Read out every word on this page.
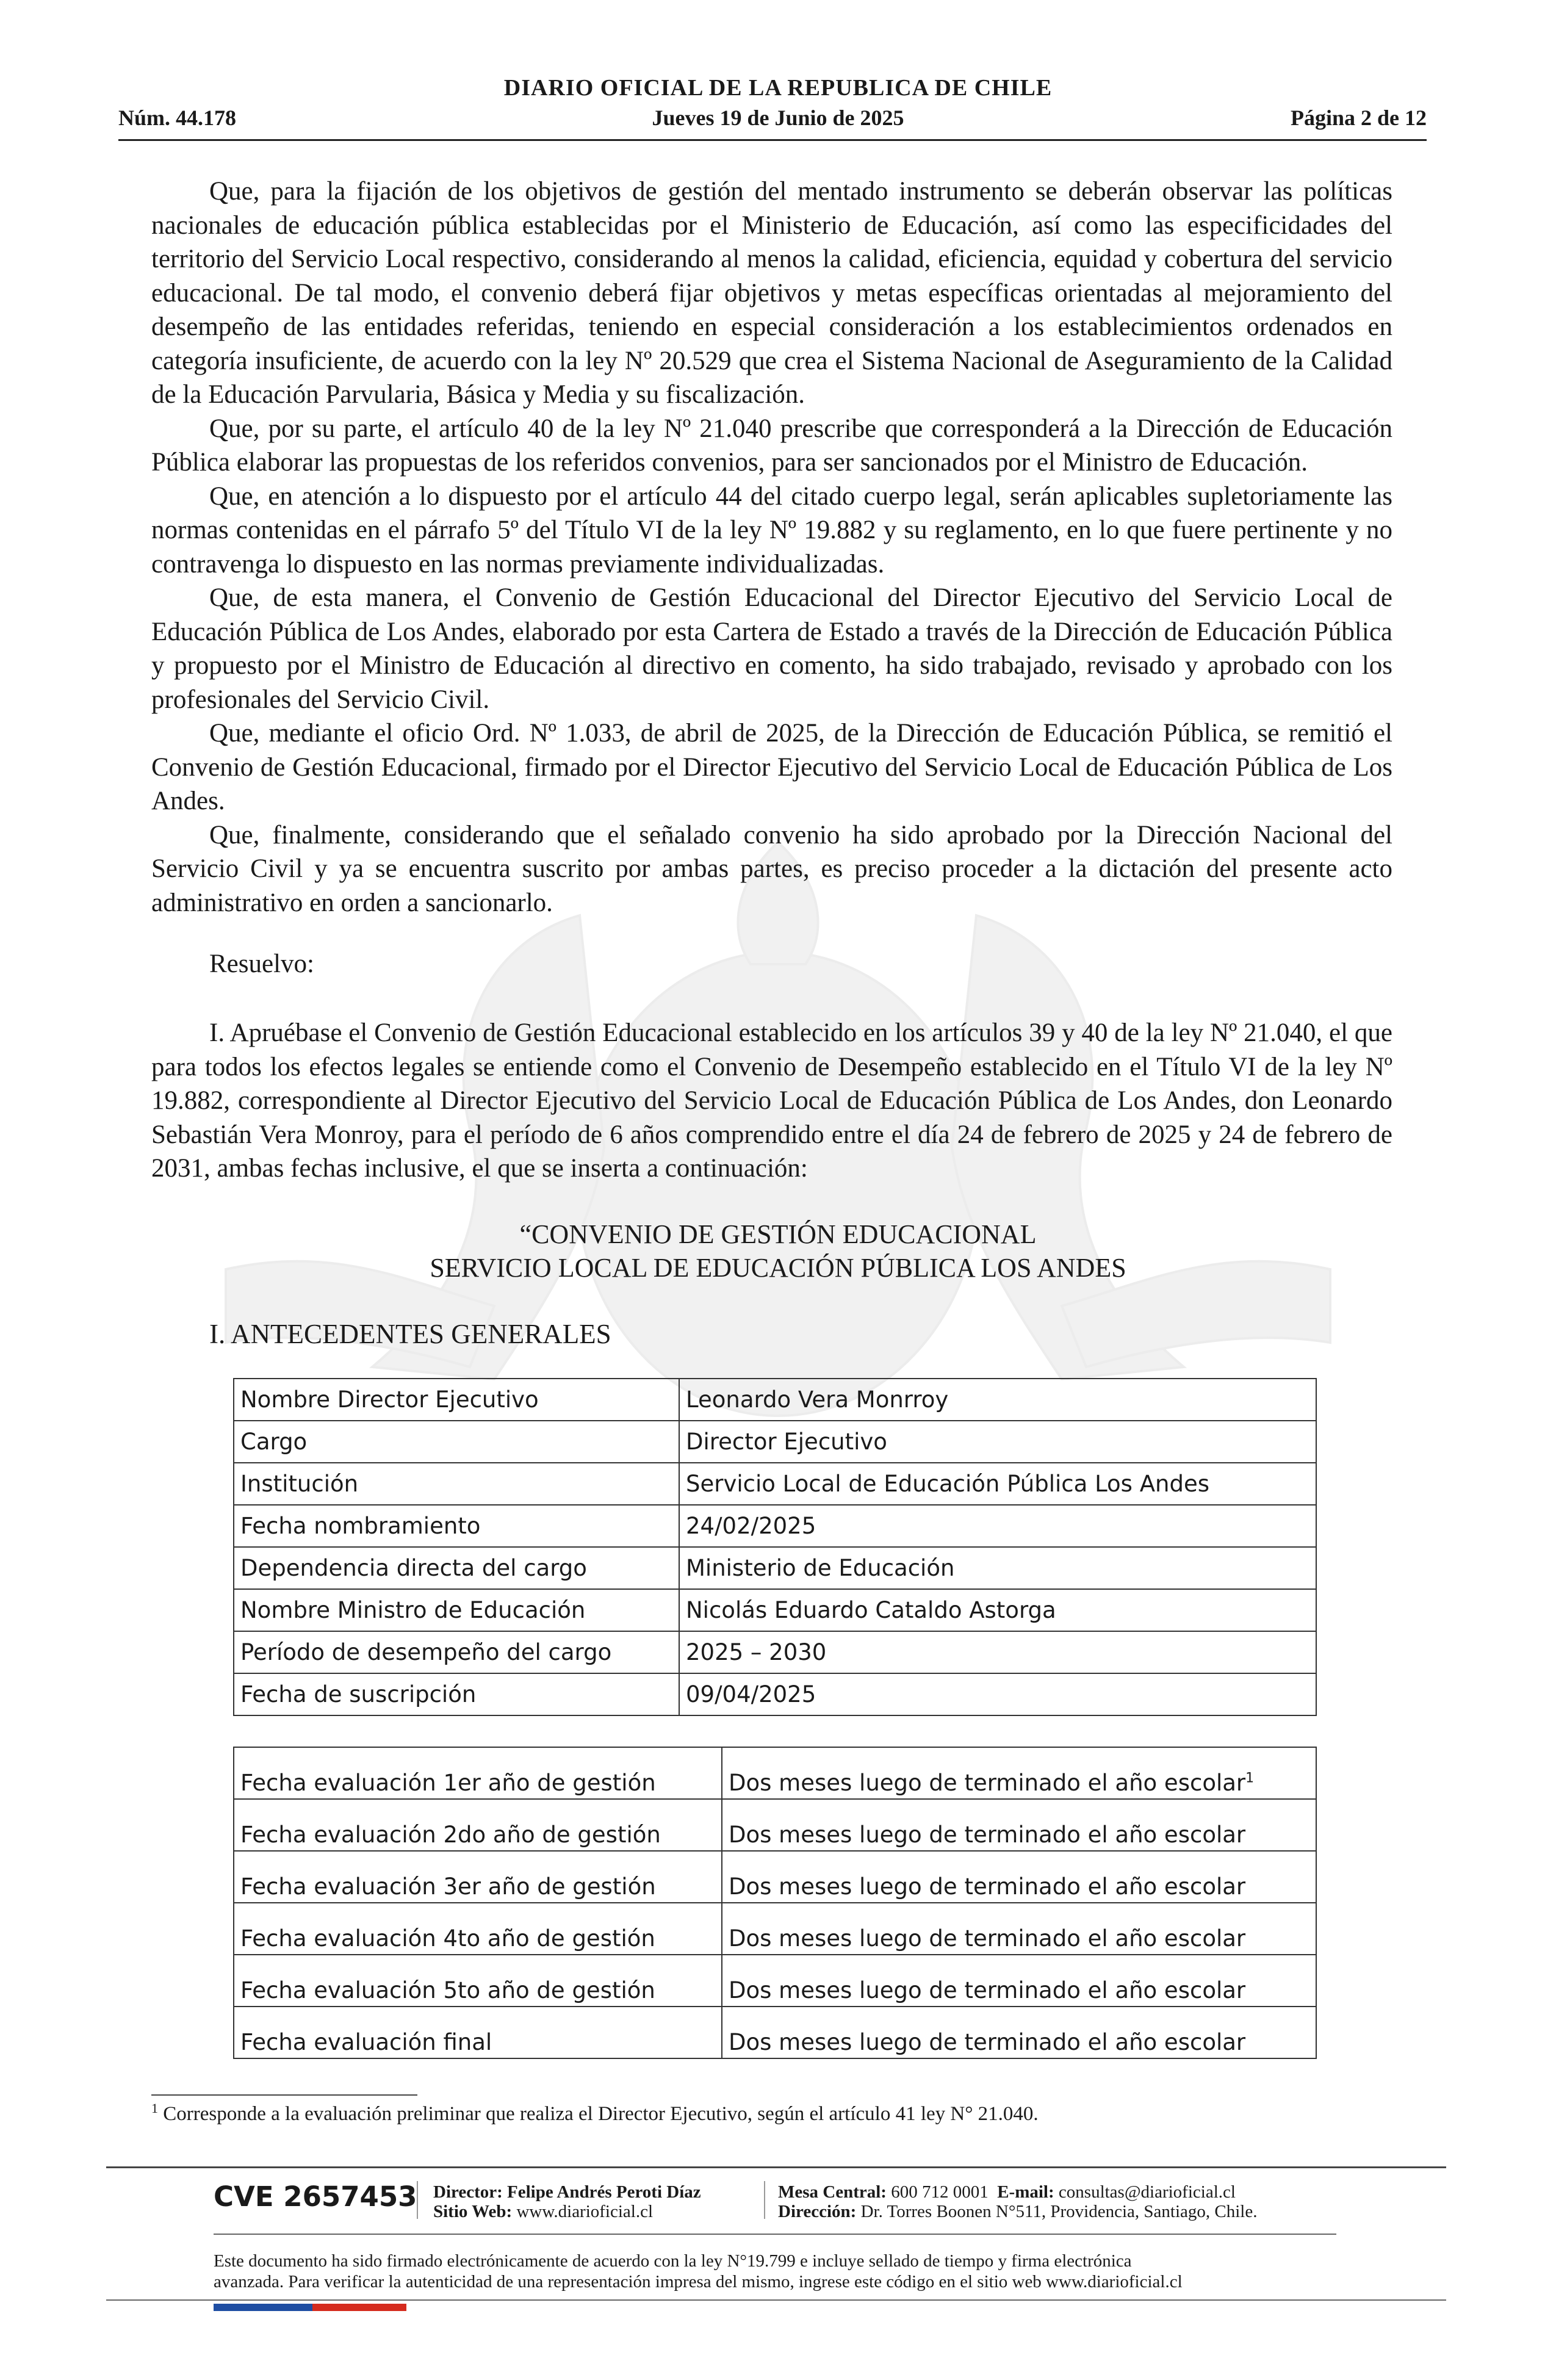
DIARIO OFICIAL DE LA REPUBLICA DE CHILE
Núm. 44.178	Jueves 19 de Junio de 2025	Página 2 de 12

Que, para la fijación de los objetivos de gestión del mentado instrumento se deberán observar las políticas nacionales de educación pública establecidas por el Ministerio de Educación, así como las especificidades del territorio del Servicio Local respectivo, considerando al menos la calidad, eficiencia, equidad y cobertura del servicio educacional. De tal modo, el convenio deberá fijar objetivos y metas específicas orientadas al mejoramiento del desempeño de las entidades referidas, teniendo en especial consideración a los establecimientos ordenados en categoría insuficiente, de acuerdo con la ley Nº 20.529 que crea el Sistema Nacional de Aseguramiento de la Calidad de la Educación Parvularia, Básica y Media y su fiscalización.

Que, por su parte, el artículo 40 de la ley Nº 21.040 prescribe que corresponderá a la Dirección de Educación Pública elaborar las propuestas de los referidos convenios, para ser sancionados por el Ministro de Educación.

Que, en atención a lo dispuesto por el artículo 44 del citado cuerpo legal, serán aplicables supletoriamente las normas contenidas en el párrafo 5º del Título VI de la ley Nº 19.882 y su reglamento, en lo que fuere pertinente y no contravenga lo dispuesto en las normas previamente individualizadas.

Que, de esta manera, el Convenio de Gestión Educacional del Director Ejecutivo del Servicio Local de Educación Pública de Los Andes, elaborado por esta Cartera de Estado a través de la Dirección de Educación Pública y propuesto por el Ministro de Educación al directivo en comento, ha sido trabajado, revisado y aprobado con los profesionales del Servicio Civil.

Que, mediante el oficio Ord. Nº 1.033, de abril de 2025, de la Dirección de Educación Pública, se remitió el Convenio de Gestión Educacional, firmado por el Director Ejecutivo del Servicio Local de Educación Pública de Los Andes.

Que, finalmente, considerando que el señalado convenio ha sido aprobado por la Dirección Nacional del Servicio Civil y ya se encuentra suscrito por ambas partes, es preciso proceder a la dictación del presente acto administrativo en orden a sancionarlo.

Resuelvo:

I. Apruébase el Convenio de Gestión Educacional establecido en los artículos 39 y 40 de la ley Nº 21.040, el que para todos los efectos legales se entiende como el Convenio de Desempeño establecido en el Título VI de la ley Nº 19.882, correspondiente al Director Ejecutivo del Servicio Local de Educación Pública de Los Andes, don Leonardo Sebastián Vera Monroy, para el período de 6 años comprendido entre el día 24 de febrero de 2025 y 24 de febrero de 2031, ambas fechas inclusive, el que se inserta a continuación:

“CONVENIO DE GESTIÓN EDUCACIONAL
SERVICIO LOCAL DE EDUCACIÓN PÚBLICA LOS ANDES
I. ANTECEDENTES GENERALES
Nombre Director Ejecutivo	Leonardo Vera Monrroy
Cargo	Director Ejecutivo
Institución	Servicio Local de Educación Pública Los Andes
Fecha nombramiento	24/02/2025
Dependencia directa del cargo	Ministerio de Educación
Nombre Ministro de Educación	Nicolás Eduardo Cataldo Astorga
Período de desempeño del cargo	2025 – 2030
Fecha de suscripción	09/04/2025
Fecha evaluación 1er año de gestión	Dos meses luego de terminado el año escolar$^1$
Fecha evaluación 2do año de gestión	Dos meses luego de terminado el año escolar
Fecha evaluación 3er año de gestión	Dos meses luego de terminado el año escolar
Fecha evaluación 4to año de gestión	Dos meses luego de terminado el año escolar
Fecha evaluación 5to año de gestión	Dos meses luego de terminado el año escolar
Fecha evaluación final	Dos meses luego de terminado el año escolar
$^1$ Corresponde a la evaluación preliminar que realiza el Director Ejecutivo, según el artículo 41 ley N° 21.040.
CVE 2657453 Director: Felipe Andrés Peroti Díaz
Sitio Web: www.diarioficial.cl
Mesa Central: 600 712 0001 E-mail: consultas@diarioficial.cl
Dirección: Dr. Torres Boonen N°511, Providencia, Santiago, Chile.
Este documento ha sido firmado electrónicamente de acuerdo con la ley N°19.799 e incluye sellado de tiempo y firma electrónica
avanzada. Para verificar la autenticidad de una representación impresa del mismo, ingrese este código en el sitio web www.diarioficial.cl
